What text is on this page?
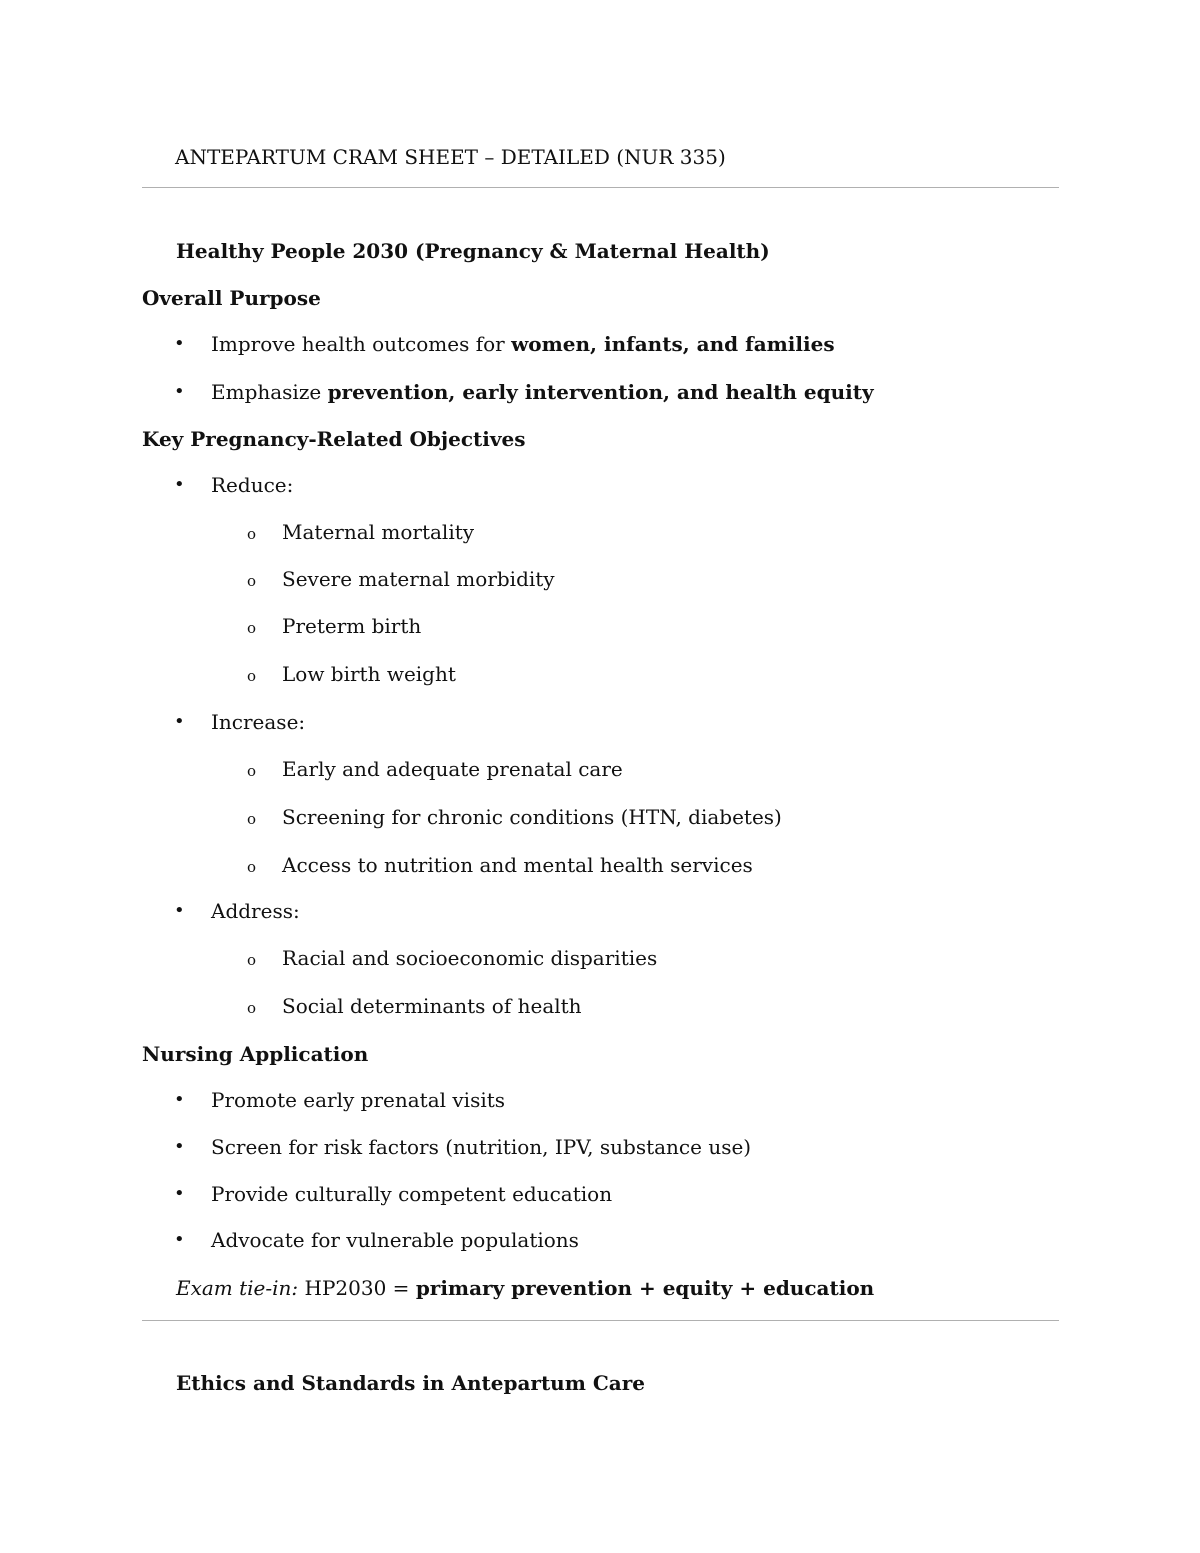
ANTEPARTUM CRAM SHEET – DETAILED (NUR 335)
Healthy People 2030 (Pregnancy & Maternal Health)
Overall Purpose
• Improve health outcomes for women, infants, and families
• Emphasize prevention, early intervention, and health equity
Key Pregnancy-Related Objectives
• Reduce:
o Maternal mortality
o Severe maternal morbidity
o Preterm birth
o Low birth weight
• Increase:
o Early and adequate prenatal care
o Screening for chronic conditions (HTN, diabetes)
o Access to nutrition and mental health services
• Address:
o Racial and socioeconomic disparities
o Social determinants of health
Nursing Application
• Promote early prenatal visits
• Screen for risk factors (nutrition, IPV, substance use)
• Provide culturally competent education
• Advocate for vulnerable populations
Exam tie-in: HP2030 = primary prevention + equity + education
Ethics and Standards in Antepartum Care
